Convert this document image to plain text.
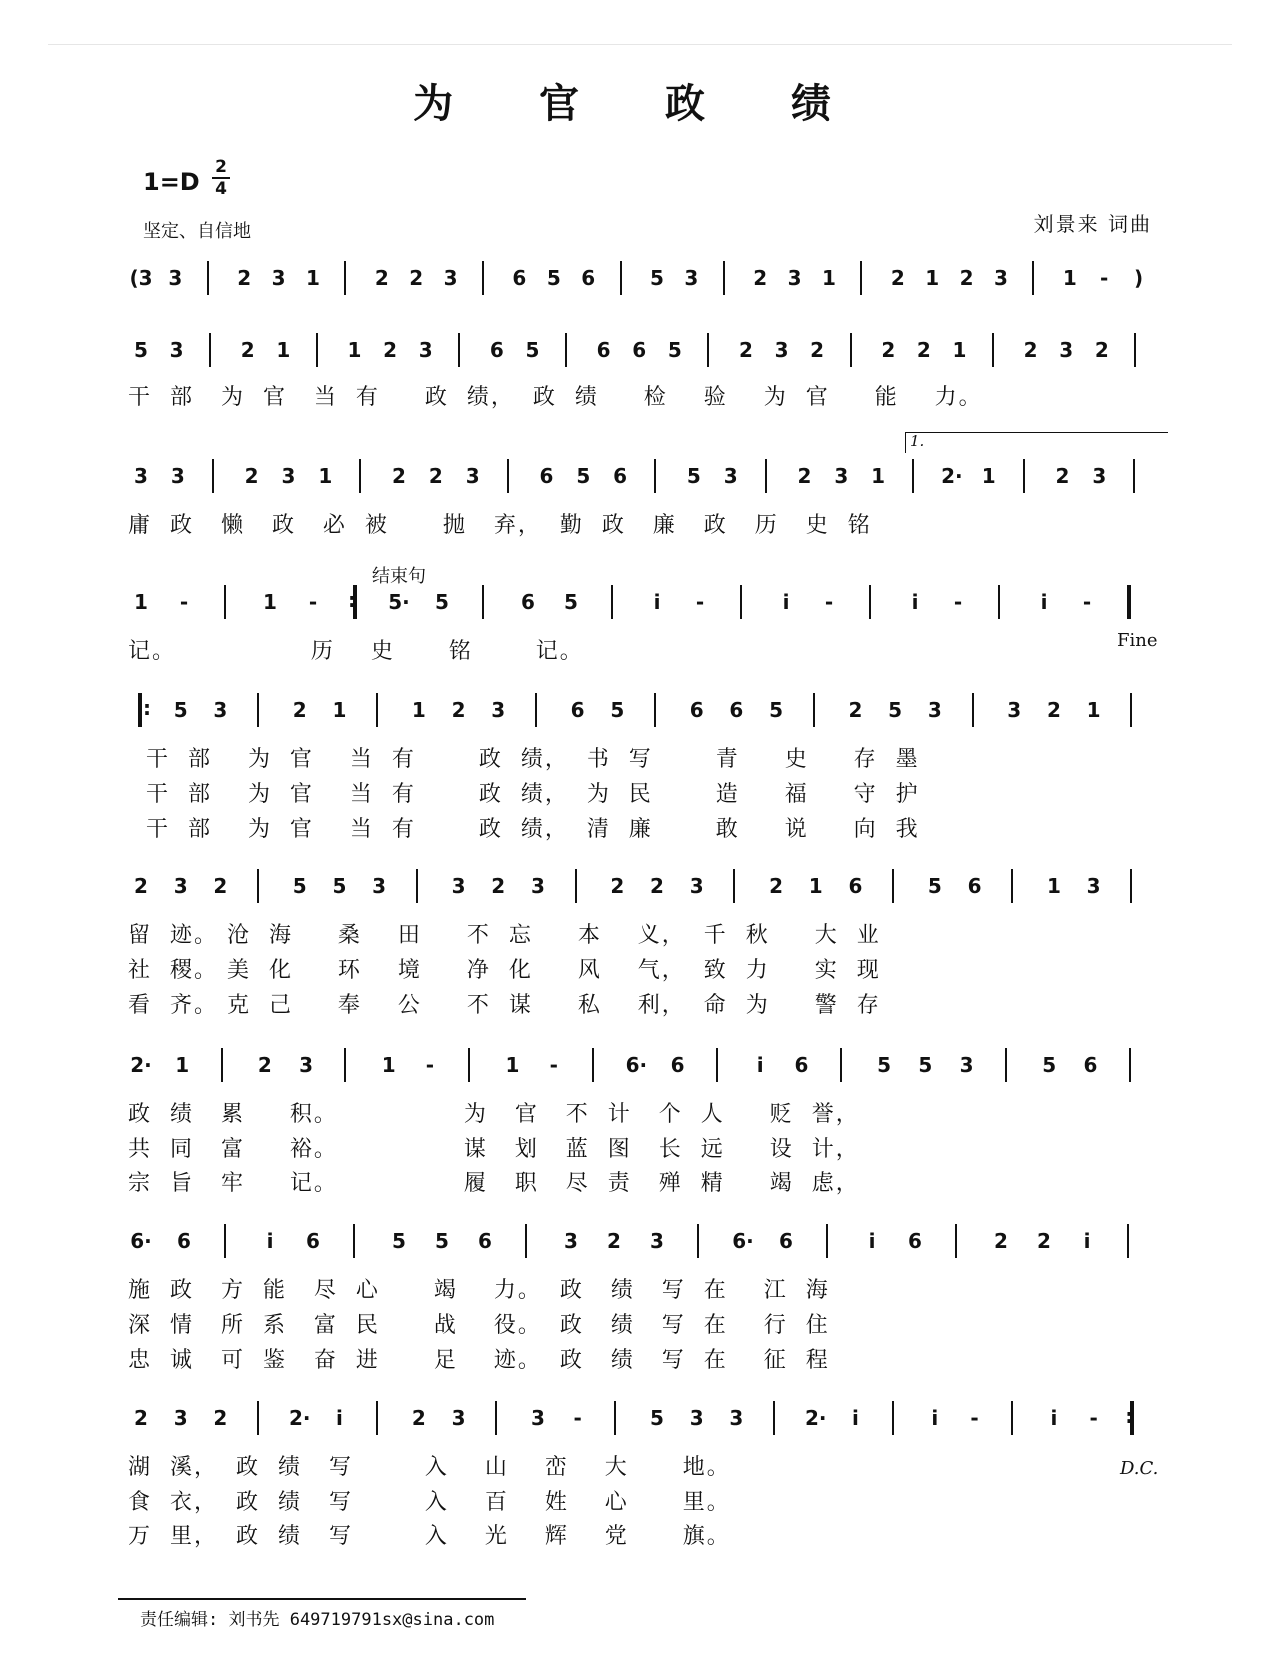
为 官 政 绩
1=D
2
4
坚定、自信地	刘景来 词曲
(3 3	2	3	1	2	2	3	6	5	6	5	3	2	3	1	2	1	2	3	1	-	)
5	3	2	1	1	2	3	6	5	6	6	5	2	3	2	2	2	1	2	3	2
3	3	2	3	1	2	2	3	6	5	6	5	3	2	3	1	2· 1	2	3
1	-	1	-	:	5·	5	6	5	i	-	i	-	i	-	i	-
:	5	3	2	1	1	2	3	6	5	6	6	5	2	5	3	3	2	1
2	3	2	5	5	3	3	2	3	2	2	3	2	1	6	5	6	1	3
2·	1	2	3	1	-	1	-	6·	6	i	6	5	5	3	5	6
6·	6	i	6	5	5	6	3	2	3	6·	6	i	6	2	2	i
2	3	2	2·	i	2	3	3	-	5	3	3	2·	i	i	-	i	-	:
1.
结束句
Fine
D.C.
干  部   为  官   当  有     政  绩，  政  绩     检    验    为  官     能    力。
庸  政   懒   政   必  被      抛   弃，  勤  政   廉   政   历   史  铭
记。               历    史      铭       记。
干  部    为  官    当  有       政  绩，  书  写       青     史     存  墨
干  部    为  官    当  有       政  绩，  为  民       造     福     守  护
干  部    为  官    当  有       政  绩，  清  廉       敢     说     向  我
留  迹。 沧  海     桑    田     不  忘     本    义，  千  秋     大  业
社  稷。 美  化     环    境     净  化     风    气，  致  力     实  现
看  齐。 克  己     奉    公     不  谋     私    利，  命  为     警  存
政  绩   累     积。              为   官   不  计   个  人     贬  誉，
共  同   富     裕。              谋   划   蓝  图   长  远     设  计，
宗  旨   牢     记。              履   职   尽  责   殚  精     竭  虑，
施  政   方  能   尽  心      竭    力。  政   绩   写  在    江  海
深  情   所  系   富  民      战    役。  政   绩   写  在    行  住
忠  诚   可  鉴   奋  进      足    迹。  政   绩   写  在    征  程
湖  溪，  政  绩   写        入    山    峦    大      地。
食  衣，  政  绩   写        入    百    姓    心      里。
万  里，  政  绩   写        入    光    辉    党      旗。
责任编辑: 刘书先 649719791sx@sina.com
